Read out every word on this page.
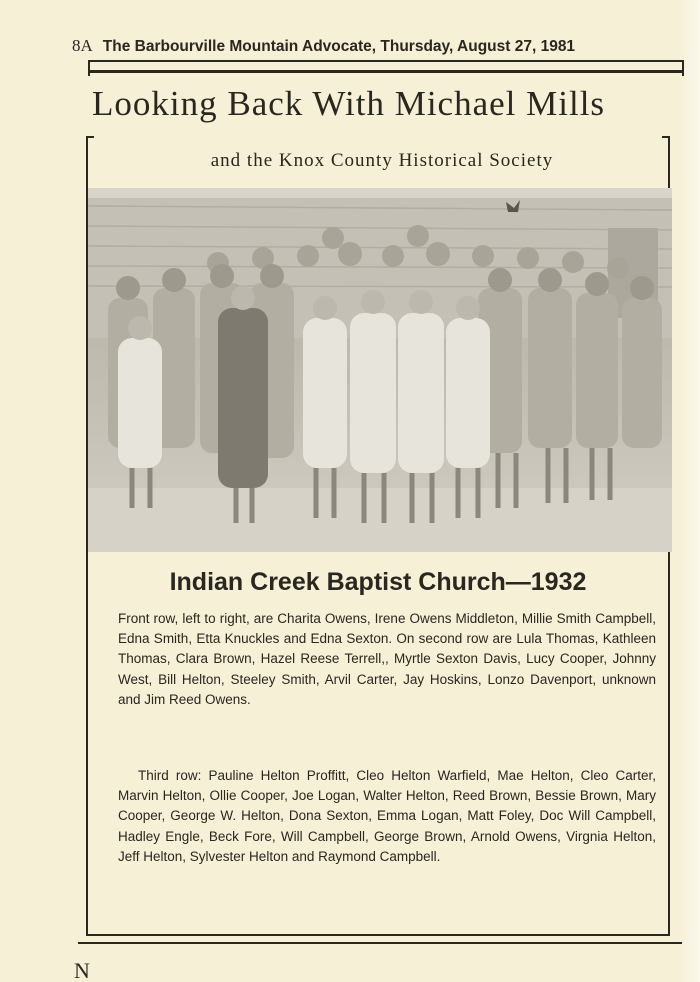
8A The Barbourville Mountain Advocate, Thursday, August 27, 1981
Looking Back With Michael Mills
and the Knox County Historical Society
Indian Creek Baptist Church—1932
Front row, left to right, are Charita Owens, Irene Owens Middleton, Millie Smith Campbell, Edna Smith, Etta Knuckles and Edna Sexton. On second row are Lula Thomas, Kathleen Thomas, Clara Brown, Hazel Reese Terrell,, Myrtle Sexton Davis, Lucy Cooper, Johnny West, Bill Helton, Steeley Smith, Arvil Carter, Jay Hoskins, Lonzo Davenport, unknown and Jim Reed Owens.
Third row: Pauline Helton Proffitt, Cleo Helton Warfield, Mae Helton, Cleo Carter, Marvin Helton, Ollie Cooper, Joe Logan, Walter Helton, Reed Brown, Bessie Brown, Mary Cooper, George W. Helton, Dona Sexton, Emma Logan, Matt Foley, Doc Will Campbell, Hadley Engle, Beck Fore, Will Campbell, George Brown, Arnold Owens, Virgnia Helton, Jeff Helton, Sylvester Helton and Raymond Campbell.
N
